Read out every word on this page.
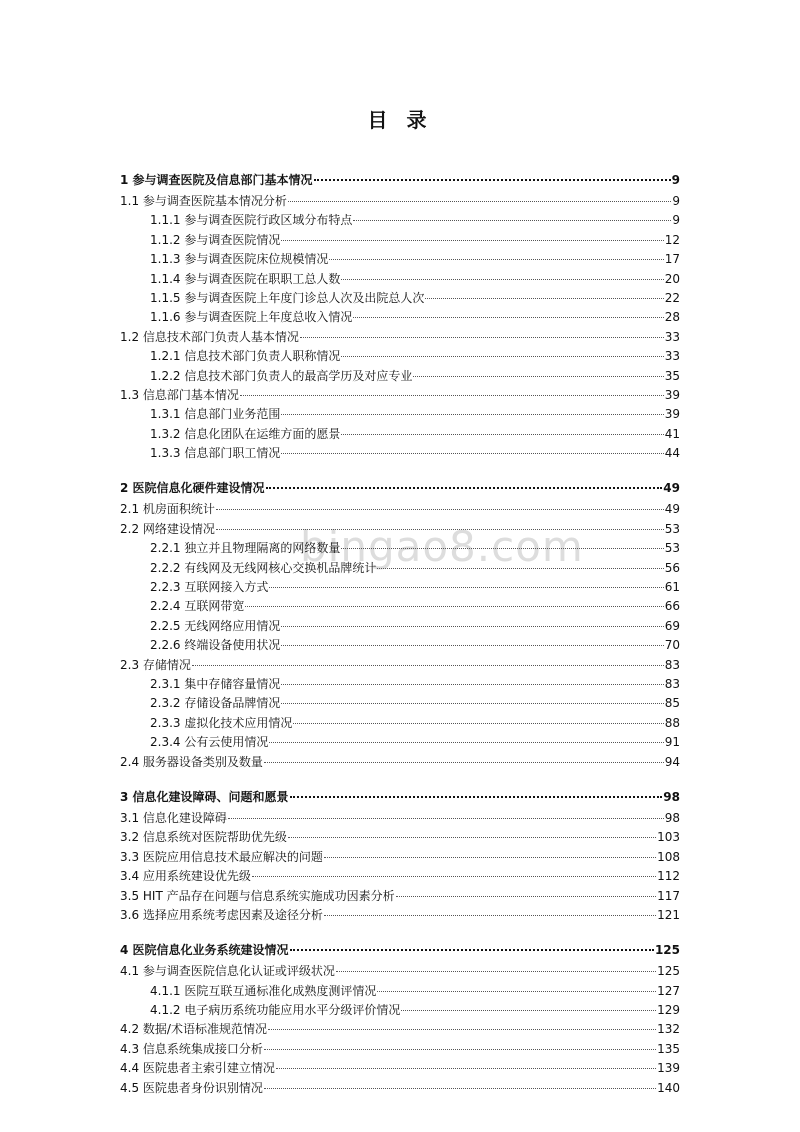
目 录
bingao8.com
1 参与调查医院及信息部门基本情况	9
1.1 参与调查医院基本情况分析	9
1.1.1 参与调查医院行政区域分布特点	9
1.1.2 参与调查医院情况	12
1.1.3 参与调查医院床位规模情况	17
1.1.4 参与调查医院在职职工总人数	20
1.1.5 参与调查医院上年度门诊总人次及出院总人次	22
1.1.6 参与调查医院上年度总收入情况	28
1.2 信息技术部门负责人基本情况	33
1.2.1 信息技术部门负责人职称情况	33
1.2.2 信息技术部门负责人的最高学历及对应专业	35
1.3 信息部门基本情况	39
1.3.1 信息部门业务范围	39
1.3.2 信息化团队在运维方面的愿景	41
1.3.3 信息部门职工情况	44
2 医院信息化硬件建设情况	49
2.1 机房面积统计	49
2.2 网络建设情况	53
2.2.1 独立并且物理隔离的网络数量	53
2.2.2 有线网及无线网核心交换机品牌统计	56
2.2.3 互联网接入方式	61
2.2.4 互联网带宽	66
2.2.5 无线网络应用情况	69
2.2.6 终端设备使用状况	70
2.3 存储情况	83
2.3.1 集中存储容量情况	83
2.3.2 存储设备品牌情况	85
2.3.3 虚拟化技术应用情况	88
2.3.4 公有云使用情况	91
2.4 服务器设备类别及数量	94
3 信息化建设障碍、问题和愿景	98
3.1 信息化建设障碍	98
3.2 信息系统对医院帮助优先级	103
3.3 医院应用信息技术最应解决的问题	108
3.4 应用系统建设优先级	112
3.5 HIT 产品存在问题与信息系统实施成功因素分析	117
3.6 选择应用系统考虑因素及途径分析	121
4 医院信息化业务系统建设情况	125
4.1 参与调查医院信息化认证或评级状况	125
4.1.1 医院互联互通标准化成熟度测评情况	127
4.1.2 电子病历系统功能应用水平分级评价情况	129
4.2 数据/术语标准规范情况	132
4.3 信息系统集成接口分析	135
4.4 医院患者主索引建立情况	139
4.5 医院患者身份识别情况	140
